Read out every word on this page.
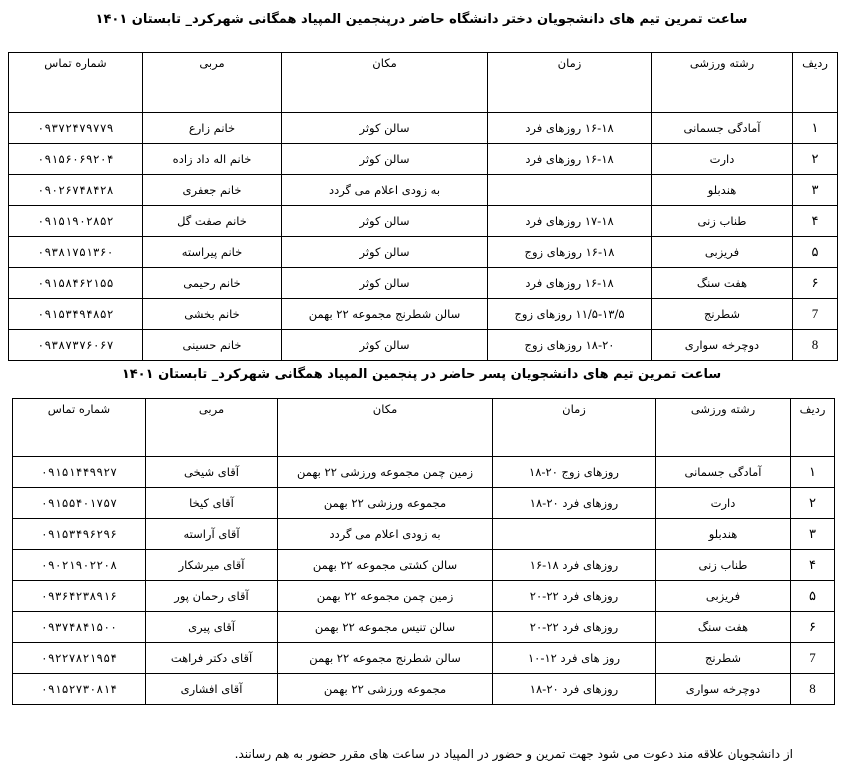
ساعت تمرین تیم های دانشجویان دختر دانشگاه حاضر درپنجمین المپیاد همگانی شهرکرد_ تابستان ۱۴۰۱
ردیف	رشته ورزشی	زمان	مکان	مربی	شماره تماس
۱	آمادگی جسمانی	۱۶-۱۸ روزهای فرد	سالن کوثر	خانم زارع	۰۹۳۷۲۴۷۹۷۷۹
۲	دارت	۱۶-۱۸ روزهای فرد	سالن کوثر	خانم اله داد زاده	۰۹۱۵۶۰۶۹۲۰۴
۳	هندبلو		به زودی اعلام می گردد	خانم جعفری	۰۹۰۲۶۷۴۸۴۲۸
۴	طناب زنی	۱۷-۱۸ روزهای فرد	سالن کوثر	خانم صفت گل	۰۹۱۵۱۹۰۲۸۵۲
۵	فریزبی	۱۶-۱۸ روزهای زوج	سالن کوثر	خانم پیراسته	۰۹۳۸۱۷۵۱۳۶۰
۶	هفت سنگ	۱۶-۱۸ روزهای فرد	سالن کوثر	خانم رحیمی	۰۹۱۵۸۴۶۲۱۵۵
7	شطرنج	۱۱/۵-۱۳/۵ روزهای زوج	سالن شطرنج مجموعه ۲۲ بهمن	خانم بخشی	۰۹۱۵۳۴۹۴۸۵۲
8	دوچرخه سواری	۱۸-۲۰ روزهای زوج	سالن کوثر	خانم حسینی	۰۹۳۸۷۳۷۶۰۶۷
ساعت تمرین تیم های دانشجویان پسر حاضر در پنجمین المپیاد همگانی شهرکرد_ تابستان ۱۴۰۱
ردیف	رشته ورزشی	زمان	مکان	مربی	شماره تماس
۱	آمادگی جسمانی	روزهای زوج ۲۰-۱۸	زمین چمن مجموعه ورزشی ۲۲ بهمن	آقای شیخی	۰۹۱۵۱۴۴۹۹۲۷
۲	دارت	روزهای فرد ۲۰-۱۸	مجموعه ورزشی ۲۲ بهمن	آقای کیخا	۰۹۱۵۵۴۰۱۷۵۷
۳	هندبلو		به زودی اعلام می گردد	آقای آراسته	۰۹۱۵۳۴۹۶۲۹۶
۴	طناب زنی	روزهای فرد ۱۸-۱۶	سالن کشتی مجموعه ۲۲ بهمن	آقای میرشکار	۰۹۰۲۱۹۰۲۲۰۸
۵	فریزبی	روزهای فرد ۲۲-۲۰	زمین چمن مجموعه ۲۲ بهمن	آقای رحمان پور	۰۹۳۶۴۲۳۸۹۱۶
۶	هفت سنگ	روزهای فرد ۲۲-۲۰	سالن تنیس مجموعه ۲۲ بهمن	آقای پیری	۰۹۳۷۴۸۴۱۵۰۰
7	شطرنج	روز های فرد ۱۲-۱۰	سالن شطرنج مجموعه ۲۲ بهمن	آقای دکتر فراهت	۰۹۲۲۷۸۲۱۹۵۴
8	دوچرخه سواری	روزهای فرد ۲۰-۱۸	مجموعه ورزشی ۲۲ بهمن	آقای افشاری	۰۹۱۵۲۷۳۰۸۱۴
از دانشجویان علاقه مند دعوت می شود جهت تمرین و حضور در المپیاد در ساعت های مقرر حضور به هم رسانند.
